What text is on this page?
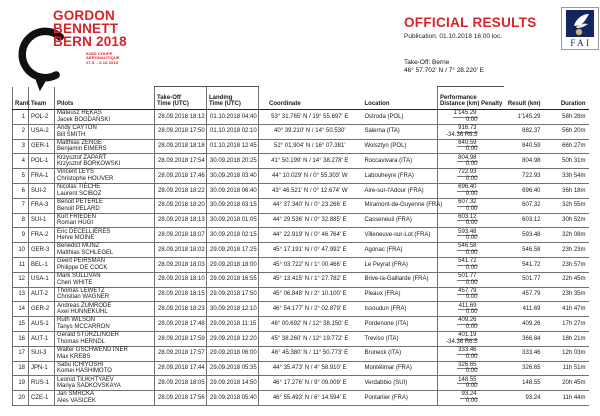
GORDON
BENNETT
BERN 2018
62ND COUPE
AÉRONAUTIQUE
27.9. - 6.10.2018
OFFICIAL RESULTS
Publication: 01.10.2018 16:00 loc.
FAI
Take-Off: Berne
46° 57.702' N / 7° 28.220' E
Rank	Team	Pilots	
Take-Off
Time (UTC)

Landing
Time (UTC)	Coordinate	Location	
Performance
Distance (km) Penalty	Result (km)	Duration
1	POL-2	
Mateusz RĘKAS
Jacek BOGDAŃSKI
	28.09.2018 18:12	01.10.2018 04:40	53° 31.765' N / 19° 55.697' E	Ostroda (POL)	
1'145.29
0.00
	1'145.29	58h 28m
2	USA-2	
Andy CAYTON
Bill SMITH
	28.09.2018 17:50	01.10.2018 02:10	40° 39.210' N / 14° 50.530'	Salerna (ITA)	
916.73
-34.36 R6.5
	882.37	56h 20m
3	GER-1	
Matthias ZENGE
Benjamin EIMERS
	28.09.2018 18:18	01.10.2018 12:45	52° 01.904' N / 16° 07.381'	Wolsztyn (POL)	
840.59
0.00
	840.59	66h 27m
4	POL-1	
Krzysztof ZAPART
Krzysztof BORKOWSKI
	28.09.2018 17:54	30.09.2018 20:25	41° 50.199' N / 14° 38.278' E	Roccavivara (ITA)	
804.98
0.00
	804.98	50h 31m
5	FRA-1	
Vincent LEYS
Christophe HOUVER
	28.09.2018 17:46	30.09.2018 03:40	44° 10.029' N / 0° 55.303' W	Labouheyre (FRA)	
722.93
0.00
	722.93	33h 54m
6	SUI-2	
Nicolas TIÈCHE
Laurent SCIBOZ
	28.09.2018 18:22	30.09.2018 06:40	43° 46.521' N / 0° 12.674' W	Aire-sur-l'Adour (FRA)	
696.40
0.00
	696.40	36h 18m
7	FRA-3	
Benoit PETERLE
Benoit PELARD
	28.09.2018 18:20	30.09.2018 03:15	44° 37.340' N / 0° 23.266' E	Miramont-de-Guyenne (FRA)	
607.32
0.00
	607.32	32h 55m
8	SUI-1	
Kurt FRIEDEN
Roman HUGI
	28.09.2018 18:13	30.09.2018 01:05	44° 29.536' N / 0° 32.885' E	Casseneuil (FRA)	
603.12
0.00
	603.12	30h 52m
9	FRA-2	
Eric DECELLIÈRES
Herve MOINE
	28.09.2018 18:07	30.09.2018 02:15	44° 22.919' N / 0° 46.764' E	Villeneuve-sur-Lot (FRA)	
593.48
0.00
	593.48	32h 08m
10	GER-3	
Benedict MUNZ
Matthias SCHLEGEL
	28.09.2018 18:02	29.09.2018 17:25	45° 17.191' N / 0° 47.992' E	Agonac (FRA)	
546.58
0.00
	546.58	23h 23m
11	BEL-1	
Geert PEIRSMAN
Philippe DE COCK
	28.09.2018 18:03	29.09.2018 18:00	45° 03.722' N / 1° 00.466' E	Le Peyrat (FRA)	
541.72
0.00
	541.72	23h 57m
12	USA-1	
Mark SULLIVAN
Cheri WHITE
	28.09.2018 18:10	29.09.2018 16:55	45° 13.415' N / 1° 27.782' E	Brive-la-Gaillarde (FRA)	
501.77
0.00
	501.77	22h 45m
13	AUT-2	
Thomas LEWETZ
Christian WAGNER
	28.09.2018 18:15	29.09.2018 17:50	45° 06.848' N / 2° 10.100' E	Pleaux (FRA)	
457.79
0.00
	457.79	23h 35m
14	GER-2	
Andreas ZUMRODE
Axel HUNNEKUHL
	28.09.2018 18:23	30.09.2018 12:10	46° 54.177' N / 2° 02.879' E	Issoudun (FRA)	
411.69
0.00
	411.69	41h 47m
15	AUS-1	
Ruth WILSON
Tanys MCCARRON
	28.09.2018 17:48	29.09.2018 11:15	46° 00.692' N / 12° 38.150' E	Pordenone (ITA)	
409.26
0.00
	409.26	17h 27m
16	AUT-1	
Gerald STÜRZLINGER
Thomas HERNDL
	28.09.2018 17:59	29.09.2018 12:20	45° 38.260' N / 12° 19.772' E	Treviso (ITA)	
401.19
-34.36 R6.5
	366.84	18h 21m
17	SUI-3	
Walter GSCHWENDTNER
Max KREBS
	28.09.2018 17:57	29.09.2018 06:00	46° 45.380' N / 11° 50.773' E	Bruneck (ITA)	
333.46
0.00
	333.46	12h 03m
18	JPN-1	
Sabu ICHIYOSHI
Komei HASHIMOTO
	28.09.2018 17:44	29.09.2018 05:35	44° 35.473' N / 4° 58.910' E	Montélimar (FRA)	
326.65
0.00
	326.65	11h 51m
19	RUS-1	
Leonid TIUKHTYAEV
Mariya SADKOVSKAYA
	28.09.2018 18:05	29.09.2018 14:50	46° 17.276' N / 9° 09.009' E	Verdabbio (SUI)	
148.55
0.00
	148.55	20h 45m
20	CZE-1	
Jan SMRCKA
Ales VASICEK
	28.09.2018 17:56	29.09.2018 05:40	46° 55.493' N / 6° 14.594' E	Pontarlier (FRA)	
93.24
0.00
	93.24	11h 44m
